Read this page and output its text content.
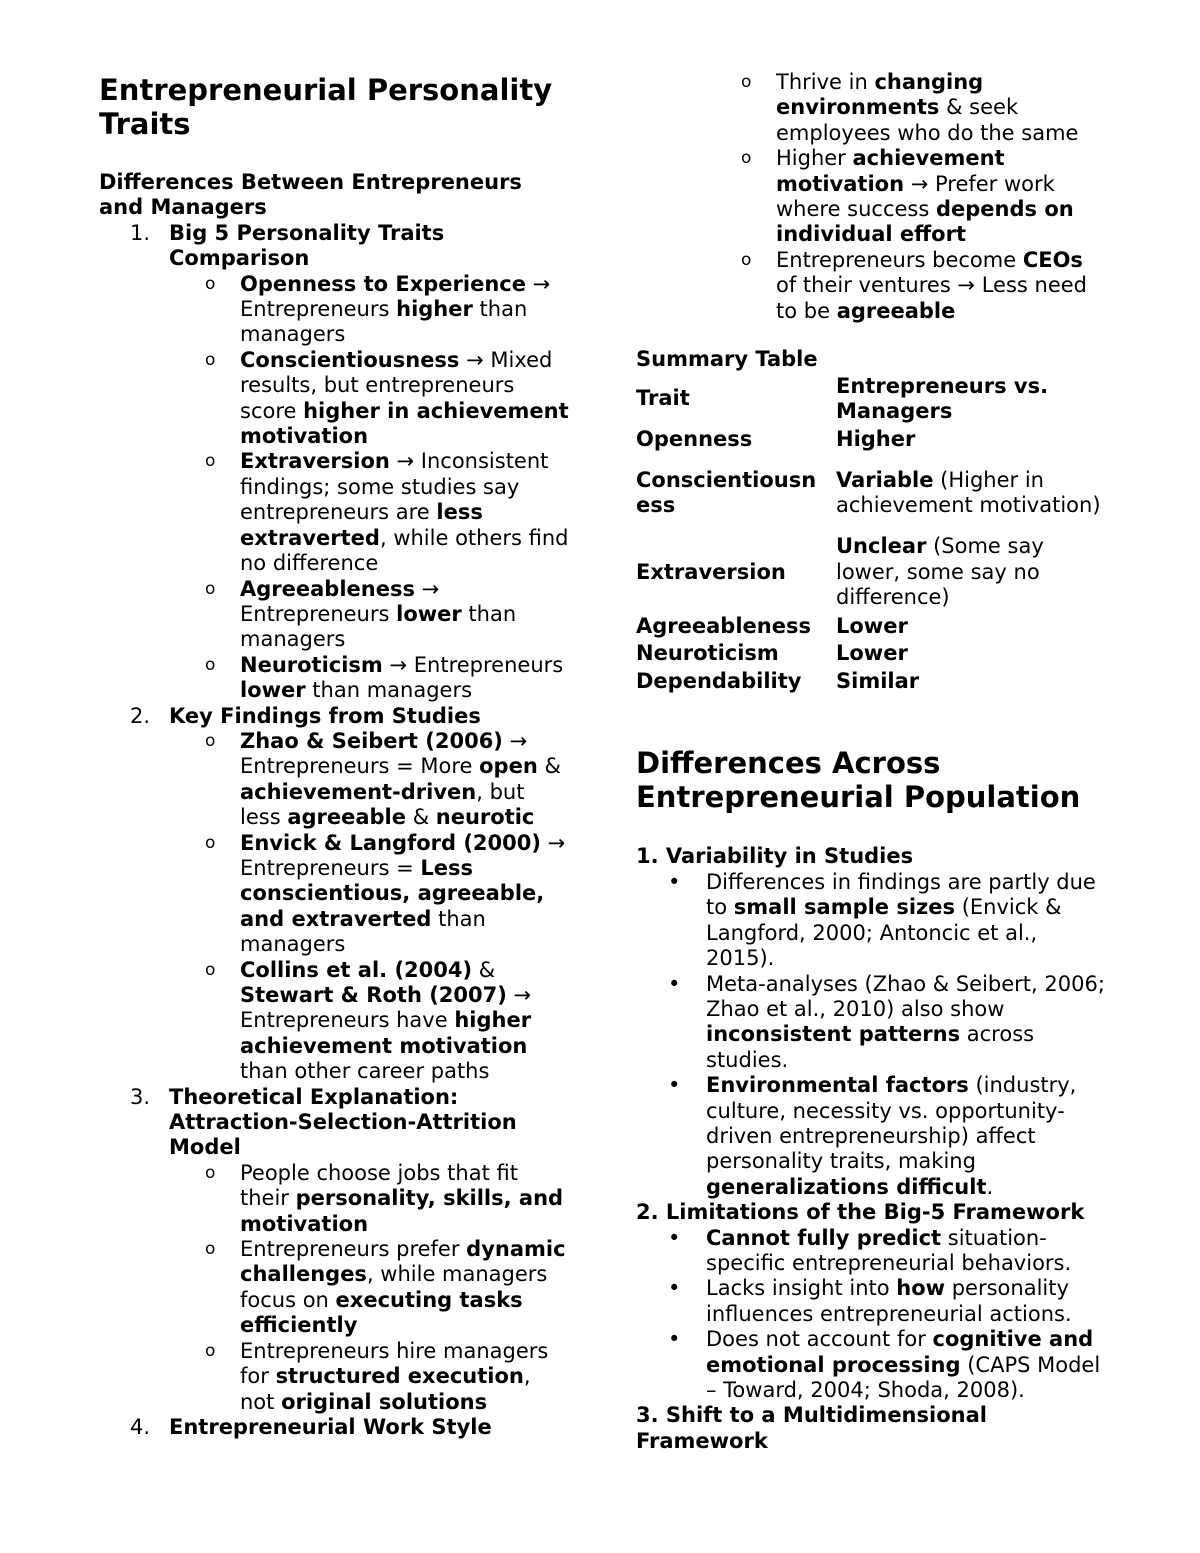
Entrepreneurial Personality Traits
Differences Between Entrepreneurs and Managers
1. Big 5 Personality Traits Comparison
o Openness to Experience → Entrepreneurs higher than managers
o Conscientiousness → Mixed results, but entrepreneurs score higher in achievement motivation
o Extraversion → Inconsistent findings; some studies say entrepreneurs are less extraverted, while others find no difference
o Agreeableness → Entrepreneurs lower than managers
o Neuroticism → Entrepreneurs lower than managers
2. Key Findings from Studies
o Zhao & Seibert (2006) → Entrepreneurs = More open & achievement-driven, but less agreeable & neurotic
o Envick & Langford (2000) → Entrepreneurs = Less conscientious, agreeable, and extraverted than managers
o Collins et al. (2004) & Stewart & Roth (2007) → Entrepreneurs have higher achievement motivation than other career paths
3. Theoretical Explanation: Attraction-Selection-Attrition Model
o People choose jobs that fit their personality, skills, and motivation
o Entrepreneurs prefer dynamic challenges, while managers focus on executing tasks efficiently
o Entrepreneurs hire managers for structured execution, not original solutions
4. Entrepreneurial Work Style
o Thrive in changing environments & seek employees who do the same
o Higher achievement motivation → Prefer work where success depends on individual effort
o Entrepreneurs become CEOs of their ventures → Less need to be agreeable
Summary Table
Trait	Entrepreneurs vs. Managers
Openness	Higher

Conscientiousness	Variable (Higher in achievement motivation)
Extraversion	Unclear (Some say lower, some say no difference)
Agreeableness	Lower
Neuroticism	Lower
Dependability	Similar
Differences Across Entrepreneurial Population
1. Variability in Studies
• Differences in findings are partly due to small sample sizes (Envick & Langford, 2000; Antoncic et al., 2015).
• Meta-analyses (Zhao & Seibert, 2006; Zhao et al., 2010) also show inconsistent patterns across studies.
• Environmental factors (industry, culture, necessity vs. opportunity-driven entrepreneurship) affect personality traits, making generalizations difficult.
2. Limitations of the Big-5 Framework
• Cannot fully predict situation-specific entrepreneurial behaviors.
• Lacks insight into how personality influences entrepreneurial actions.
• Does not account for cognitive and emotional processing (CAPS Model – Toward, 2004; Shoda, 2008).
3. Shift to a Multidimensional Framework
